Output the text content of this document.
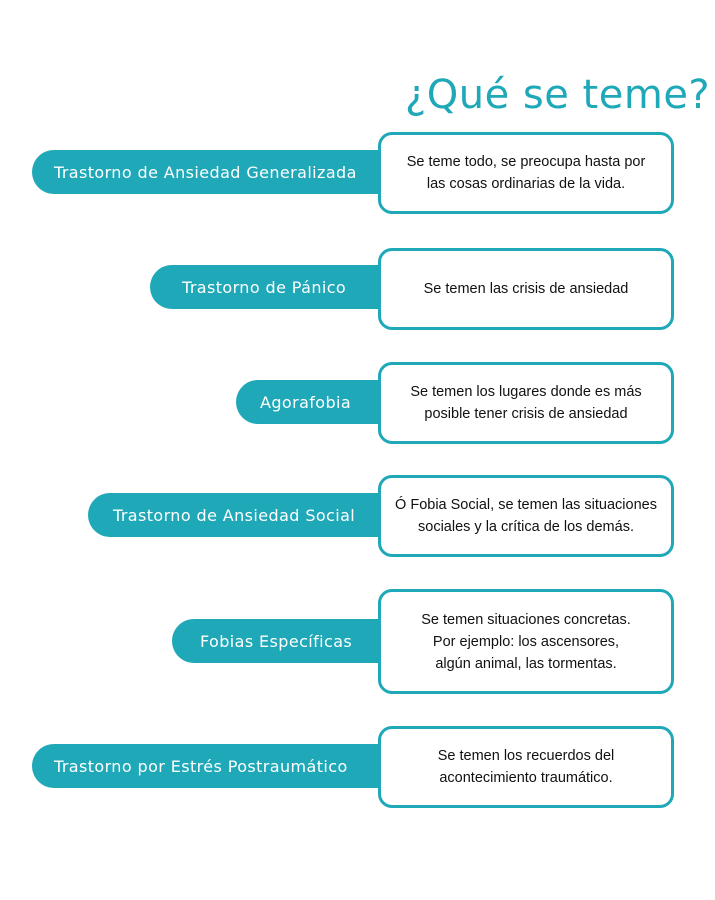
¿Qué se teme?
Trastorno de Ansiedad Generalizada
Se teme todo, se preocupa hasta por
las cosas ordinarias de la vida.
Trastorno de Pánico	Se temen las crisis de ansiedad
Agorafobia
Se temen los lugares donde es más
posible tener crisis de ansiedad
Trastorno de Ansiedad Social
Ó Fobia Social, se temen las situaciones
sociales y la crítica de los demás.
Fobias Específicas
Se temen situaciones concretas.
Por ejemplo: los ascensores,
algún animal, las tormentas.
Trastorno por Estrés Postraumático
Se temen los recuerdos del
acontecimiento traumático.
